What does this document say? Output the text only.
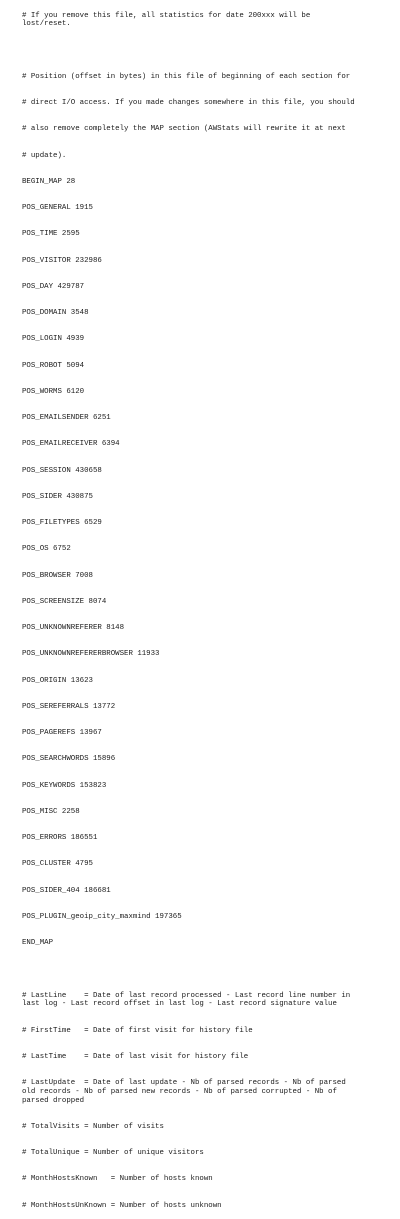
# If you remove this file, all statistics for date 200xxx will be lost/reset.

# Position (offset in bytes) in this file of beginning of each section for

# direct I/O access. If you made changes somewhere in this file, you should

# also remove completely the MAP section (AWStats will rewrite it at next

# update).

BEGIN_MAP 28

POS_GENERAL 1915

POS_TIME 2595

POS_VISITOR 232986

POS_DAY 429787

POS_DOMAIN 3548

POS_LOGIN 4939

POS_ROBOT 5094

POS_WORMS 6120

POS_EMAILSENDER 6251

POS_EMAILRECEIVER 6394

POS_SESSION 430658

POS_SIDER 430875

POS_FILETYPES 6529

POS_OS 6752

POS_BROWSER 7008

POS_SCREENSIZE 8074

POS_UNKNOWNREFERER 8148

POS_UNKNOWNREFERERBROWSER 11933

POS_ORIGIN 13623

POS_SEREFERRALS 13772

POS_PAGEREFS 13967

POS_SEARCHWORDS 15896

POS_KEYWORDS 153823

POS_MISC 2258

POS_ERRORS 186551

POS_CLUSTER 4795

POS_SIDER_404 186681

POS_PLUGIN_geoip_city_maxmind 197365

END_MAP

# LastLine    = Date of last record processed - Last record line number in last log - Last record offset in last log - Last record signature value

# FirstTime   = Date of first visit for history file

# LastTime    = Date of last visit for history file

# LastUpdate  = Date of last update - Nb of parsed records - Nb of parsed old records - Nb of parsed new records - Nb of parsed corrupted - Nb of parsed dropped

# TotalVisits = Number of visits

# TotalUnique = Number of unique visitors

# MonthHostsKnown   = Number of hosts known

# MonthHostsUnKnown = Number of hosts unknown
